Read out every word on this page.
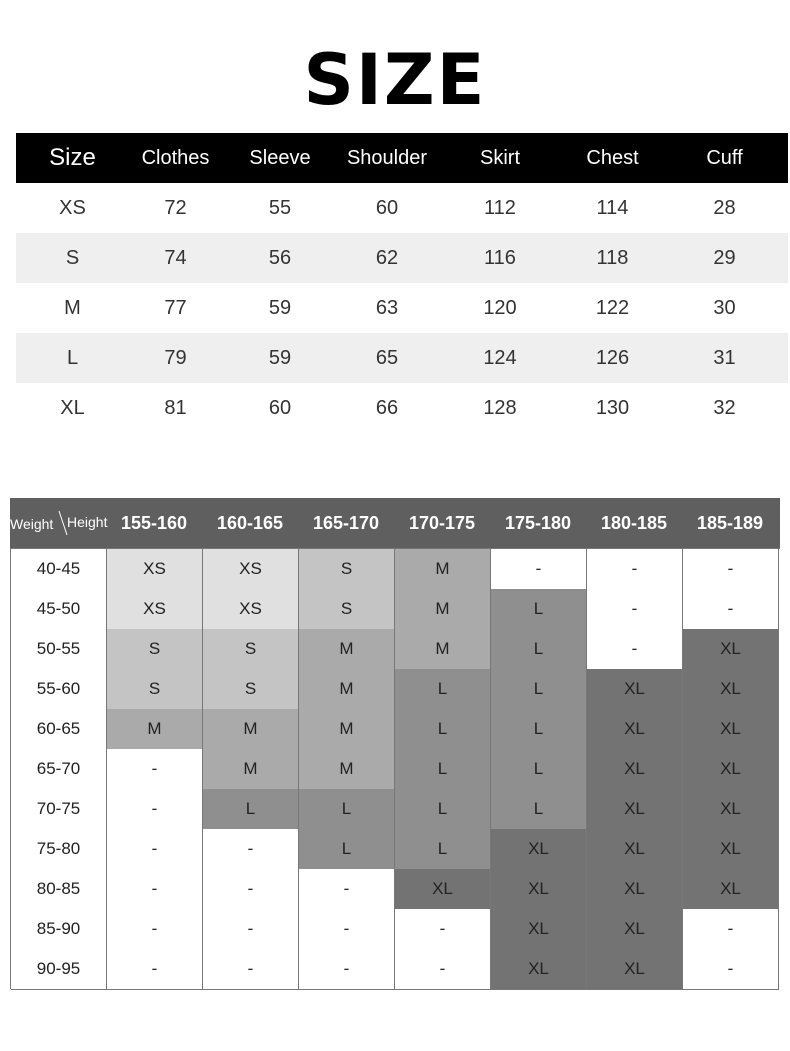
SIZE
Size	Clothes	Sleeve	Shoulder	Skirt	Chest	Cuff
XS	72	55	60	112	114	28
S	74	56	62	116	118	29
M	77	59	63	120	122	30
L	79	59	65	124	126	31
XL	81	60	66	128	130	32
Weight Height 155-160	160-165	165-170	170-175	175-180	180-185	185-189
40-45	XS	XS	S	M	-	-	-
45-50	XS	XS	S	M	L	-	-
50-55	S	S	M	M	L	-	XL
55-60	S	S	M	L	L	XL	XL
60-65	M	M	M	L	L	XL	XL
65-70	-	M	M	L	L	XL	XL
70-75	-	L	L	L	L	XL	XL
75-80	-	-	L	L	XL	XL	XL
80-85	-	-	-	XL	XL	XL	XL
85-90	-	-	-	-	XL	XL	-
90-95	-	-	-	-	XL	XL	-
